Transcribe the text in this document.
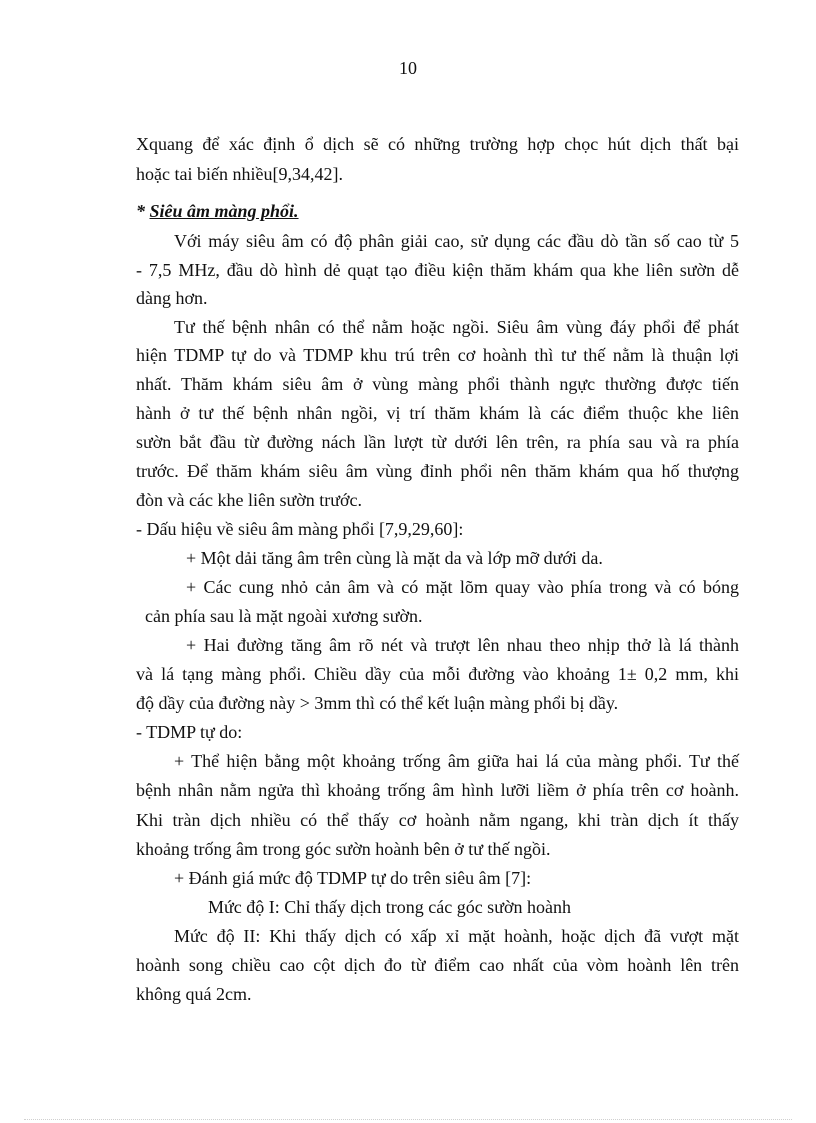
10
Xquang để xác định ổ dịch sẽ có những trường hợp chọc hút dịch thất bại
hoặc tai biến nhiều[9,34,42].
* Siêu âm màng phổi.
Với máy siêu âm có độ phân giải cao, sử dụng các đầu dò tần số cao từ 5
- 7,5 MHz, đầu dò hình dẻ quạt tạo điều kiện thăm khám qua khe liên sườn dễ
dàng hơn.
Tư thế bệnh nhân có thể nằm hoặc ngồi. Siêu âm vùng đáy phổi để phát
hiện TDMP tự do và TDMP khu trú trên cơ hoành thì tư thế nằm là thuận lợi
nhất. Thăm khám siêu âm ở vùng màng phổi thành ngực thường được tiến
hành ở tư thế bệnh nhân ngồi, vị trí thăm khám là các điểm thuộc khe liên
sườn bắt đầu từ đường nách lần lượt từ dưới lên trên, ra phía sau và ra phía
trước. Để thăm khám siêu âm vùng đỉnh phổi nên thăm khám qua hố thượng
đòn và các khe liên sườn trước.
- Dấu hiệu về siêu âm màng phổi [7,9,29,60]:
+ Một dải tăng âm trên cùng là mặt da và lớp mỡ dưới da.
+ Các cung nhỏ cản âm và có mặt lõm quay vào phía trong và có bóng
cản phía sau là mặt ngoài xương sườn.
+ Hai đường tăng âm rõ nét và trượt lên nhau theo nhịp thở là lá thành
và lá tạng màng phổi. Chiều dầy của mỗi đường vào khoảng 1± 0,2 mm, khi
độ dầy của đường này > 3mm thì có thể kết luận màng phổi bị dầy.
- TDMP tự do:
+ Thể hiện bằng một khoảng trống âm giữa hai lá của màng phổi. Tư thế
bệnh nhân nằm ngửa thì khoảng trống âm hình lưỡi liềm ở phía trên cơ hoành.
Khi tràn dịch nhiều có thể thấy cơ hoành nằm ngang, khi tràn dịch ít thấy
khoảng trống âm trong góc sườn hoành bên ở tư thế ngồi.
+ Đánh giá mức độ TDMP tự do trên siêu âm [7]:
Mức độ I: Chỉ thấy dịch trong các góc sườn hoành
Mức độ II: Khi thấy dịch có xấp xỉ mặt hoành, hoặc dịch đã vượt mặt
hoành song chiều cao cột dịch đo từ điểm cao nhất của vòm hoành lên trên
không quá 2cm.
